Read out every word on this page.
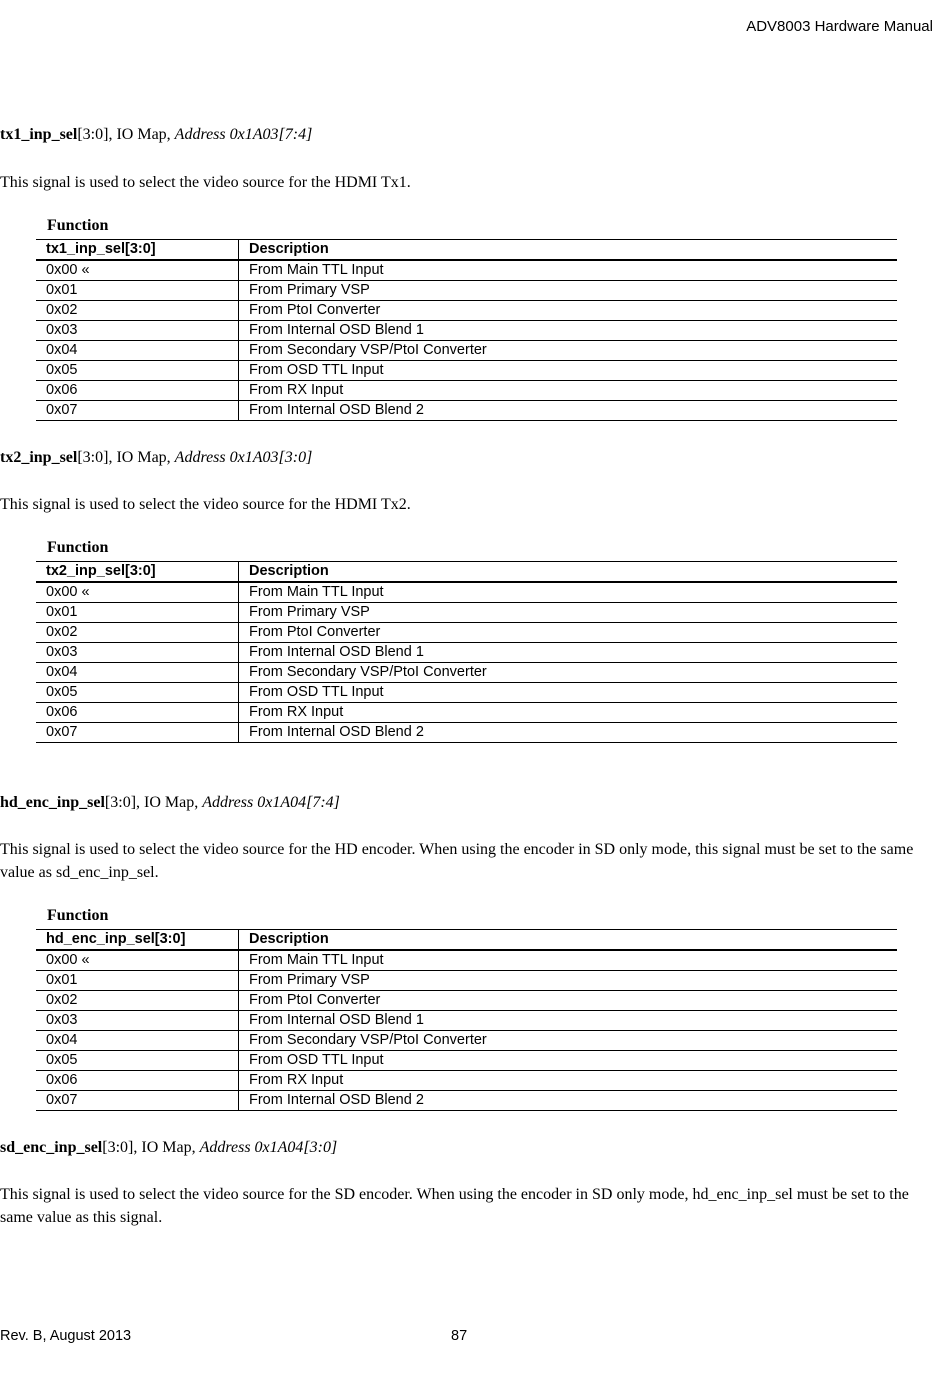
ADV8003 Hardware Manual

tx1_inp_sel[3:0], IO Map, Address 0x1A03[7:4]

This signal is used to select the video source for the HDMI Tx1.

Function
tx1_inp_sel[3:0]	Description
0x00 «	From Main TTL Input
0x01	From Primary VSP
0x02	From PtoI Converter
0x03	From Internal OSD Blend 1
0x04	From Secondary VSP/PtoI Converter
0x05	From OSD TTL Input
0x06	From RX Input
0x07	From Internal OSD Blend 2

tx2_inp_sel[3:0], IO Map, Address 0x1A03[3:0]

This signal is used to select the video source for the HDMI Tx2.

Function
tx2_inp_sel[3:0]	Description
0x00 «	From Main TTL Input
0x01	From Primary VSP
0x02	From PtoI Converter
0x03	From Internal OSD Blend 1
0x04	From Secondary VSP/PtoI Converter
0x05	From OSD TTL Input
0x06	From RX Input
0x07	From Internal OSD Blend 2

hd_enc_inp_sel[3:0], IO Map, Address 0x1A04[7:4]

This signal is used to select the video source for the HD encoder. When using the encoder in SD only mode, this signal must be set to the same value as sd_enc_inp_sel.

Function
hd_enc_inp_sel[3:0]	Description
0x00 «	From Main TTL Input
0x01	From Primary VSP
0x02	From PtoI Converter
0x03	From Internal OSD Blend 1
0x04	From Secondary VSP/PtoI Converter
0x05	From OSD TTL Input
0x06	From RX Input
0x07	From Internal OSD Blend 2

sd_enc_inp_sel[3:0], IO Map, Address 0x1A04[3:0]

This signal is used to select the video source for the SD encoder. When using the encoder in SD only mode, hd_enc_inp_sel must be set to the same value as this signal.

Rev. B, August 2013	87
